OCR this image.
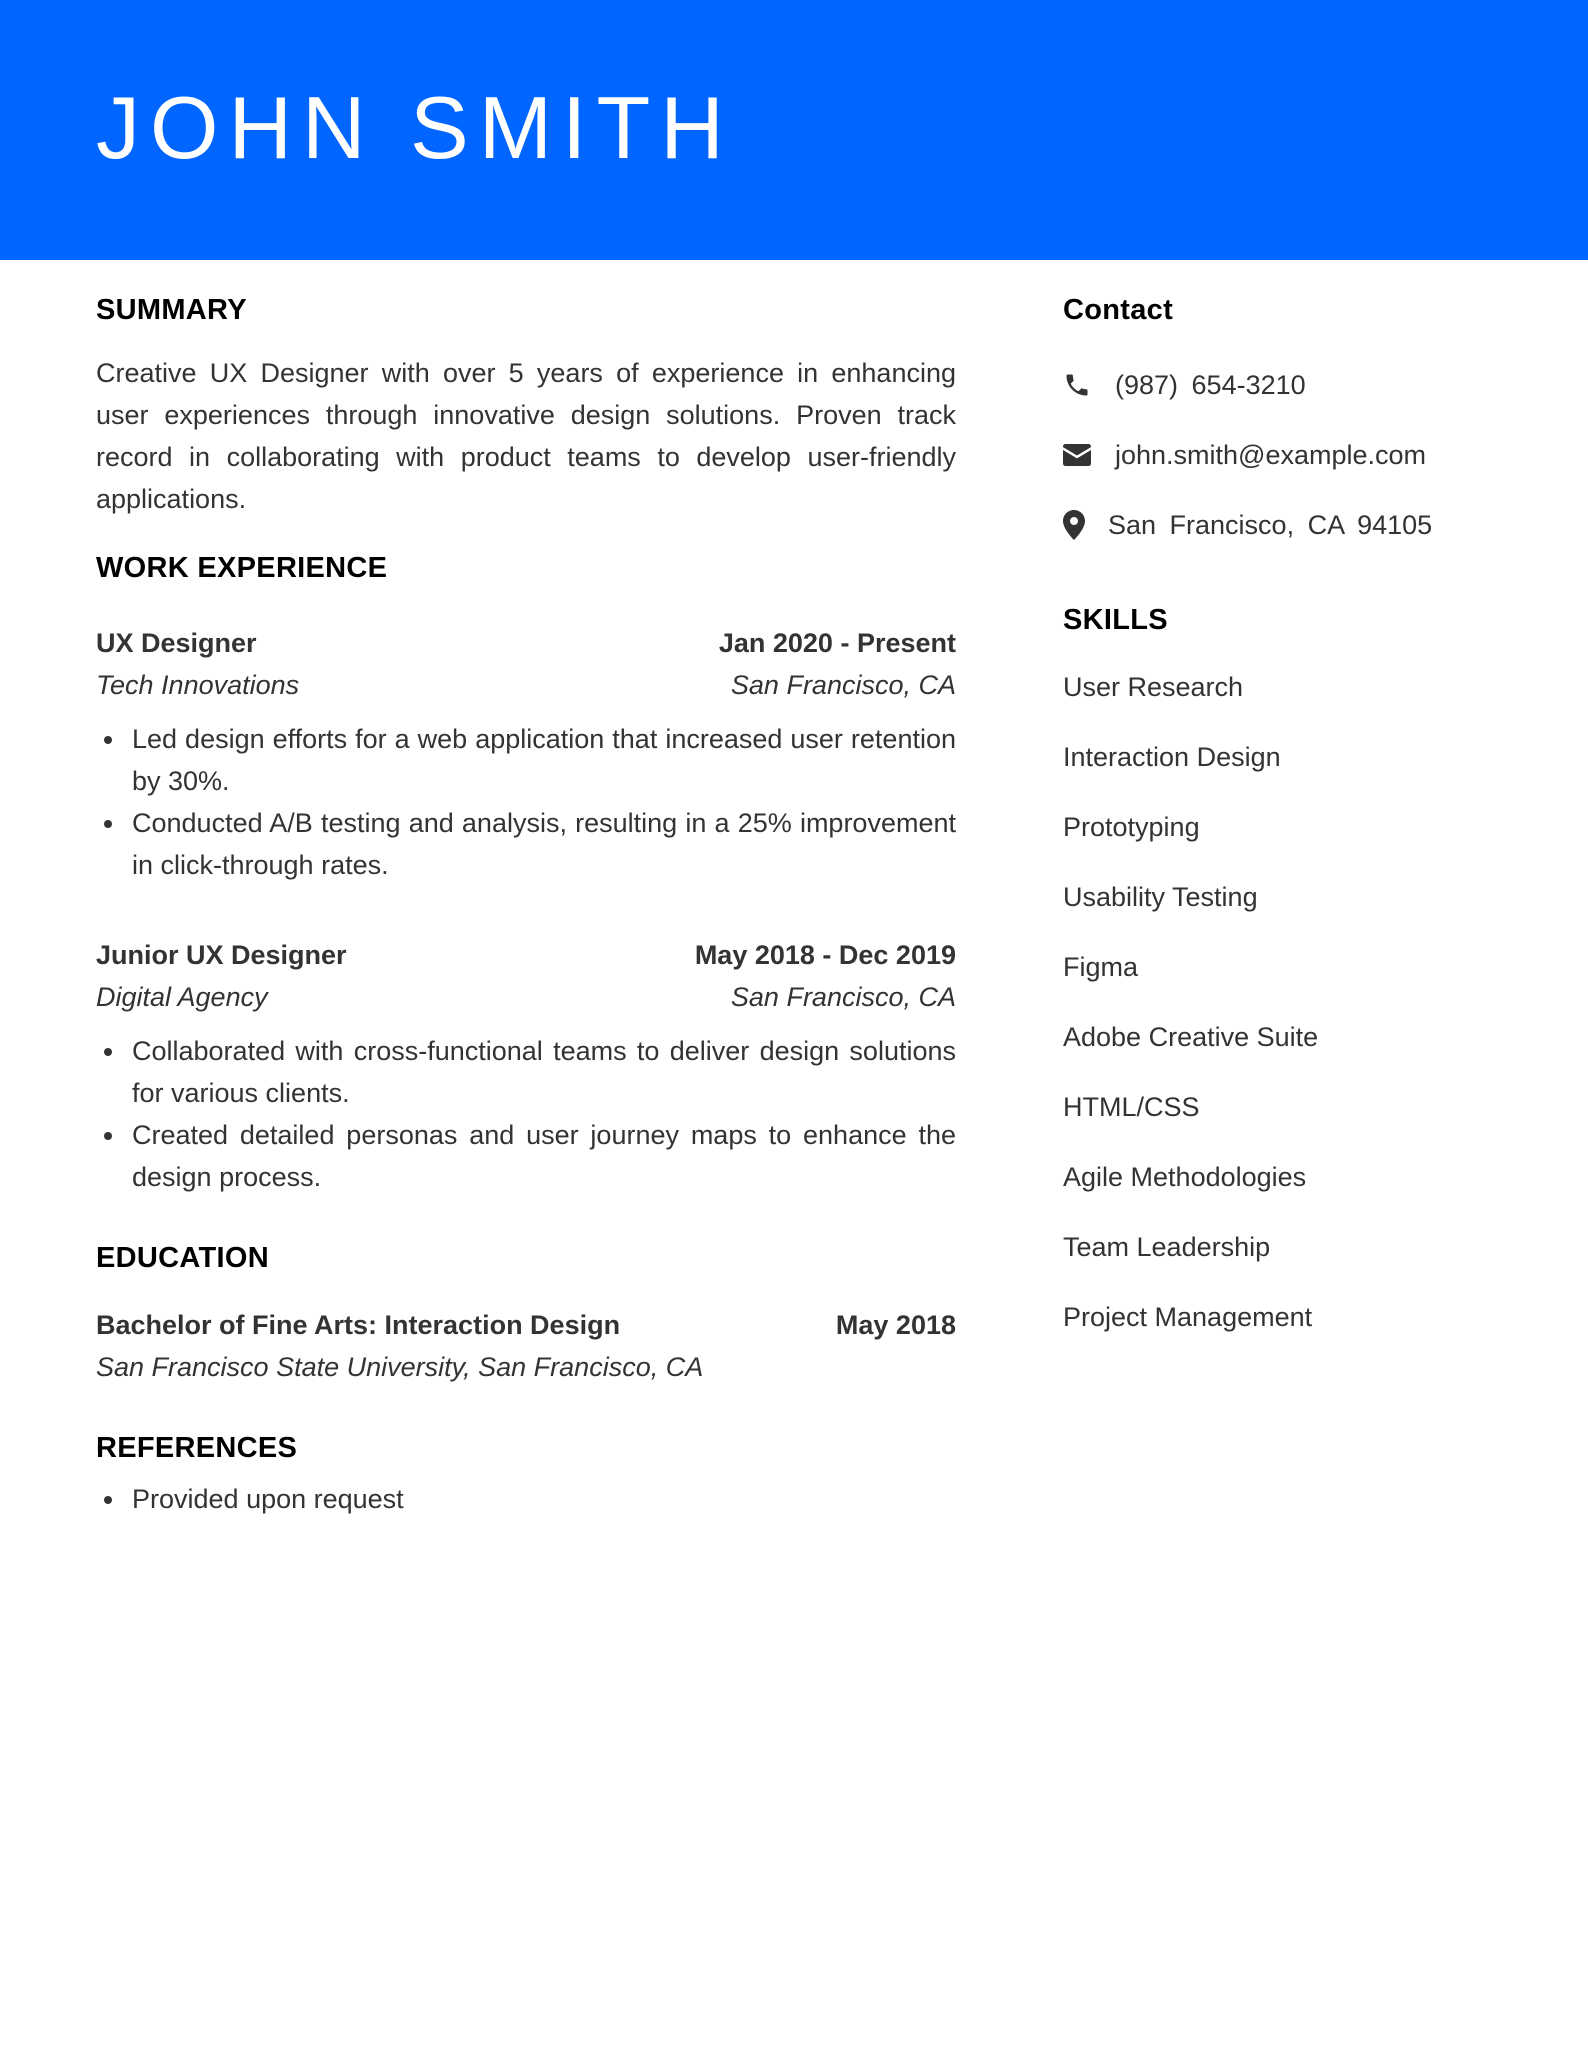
JOHN SMITH
SUMMARY

Creative UX Designer with over 5 years of experience in enhancing user experiences through innovative design solutions. Proven track record in collaborating with product teams to develop user-friendly applications.

WORK EXPERIENCE
UX Designer	Jan 2020 - Present
Tech Innovations	San Francisco, CA
Led design efforts for a web application that increased user retention by 30%.
Conducted A/B testing and analysis, resulting in a 25% improvement in click-through rates.
Junior UX Designer	May 2018 - Dec 2019
Digital Agency	San Francisco, CA
Collaborated with cross-functional teams to deliver design solutions for various clients.
Created detailed personas and user journey maps to enhance the design process.
EDUCATION
Bachelor of Fine Arts: Interaction Design	May 2018
San Francisco State University, San Francisco, CA
REFERENCES
Provided upon request
Contact
(987) 654-3210
john.smith@example.com
San Francisco, CA 94105
SKILLS
User Research
Interaction Design
Prototyping
Usability Testing
Figma
Adobe Creative Suite
HTML/CSS
Agile Methodologies
Team Leadership
Project Management
